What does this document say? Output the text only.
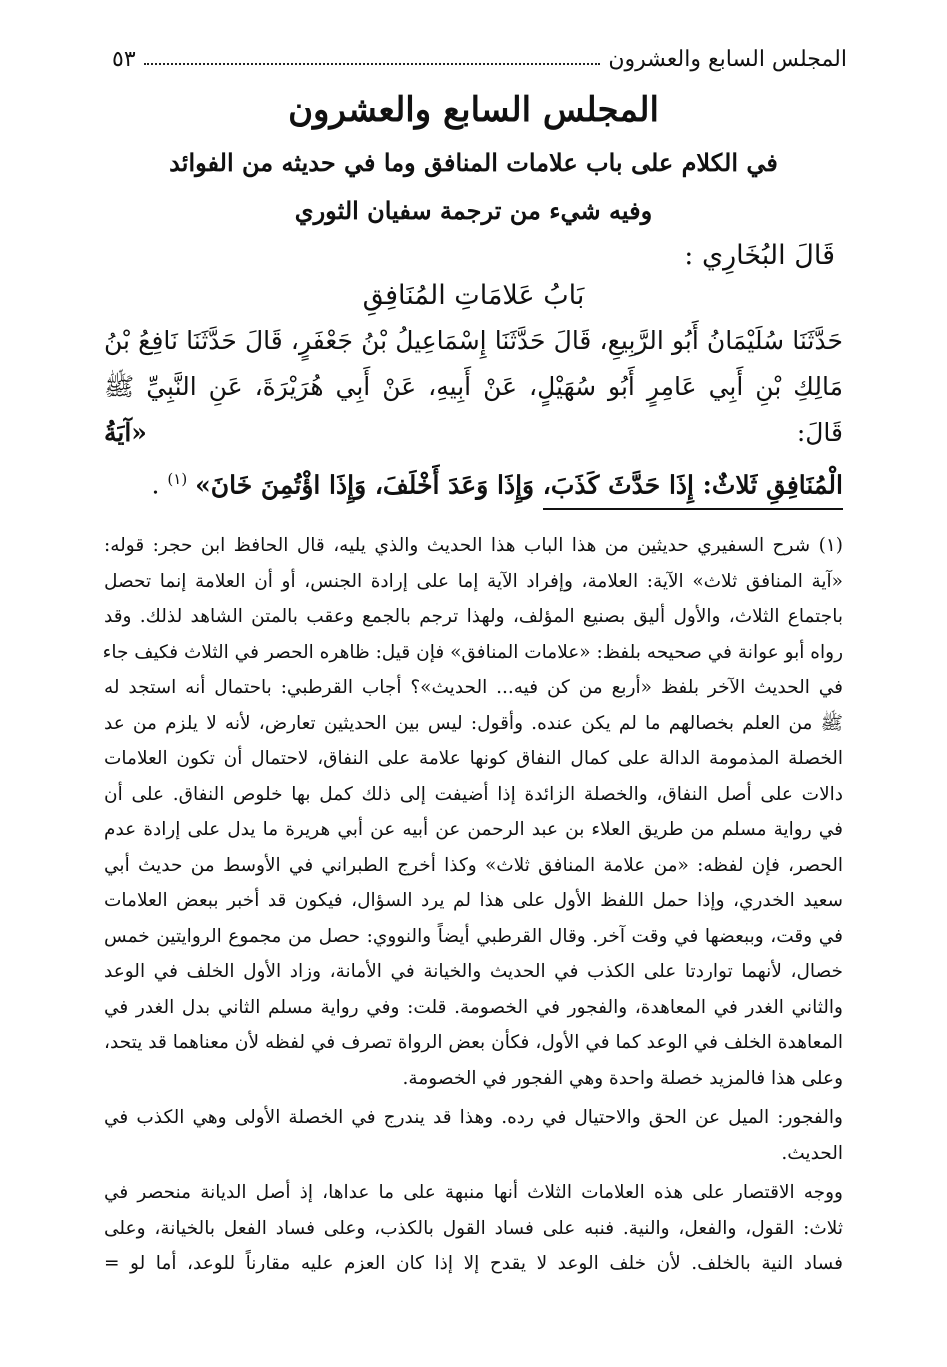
المجلس السابع والعشرون
٥٣
المجلس السابع والعشرون
في الكلام على باب علامات المنافق وما في حديثه من الفوائد
وفيه شيء من ترجمة سفيان الثوري
قَالَ البُخَارِي :
بَابُ عَلامَاتِ المُنَافِقِ
حَدَّثَنَا سُلَيْمَانُ أَبُو الرَّبِيعِ، قَالَ حَدَّثَنَا إِسْمَاعِيلُ بْنُ جَعْفَرٍ، قَالَ حَدَّثَنَا نَافِعُ بْنُ
مَالِكِ بْنِ أَبِي عَامِرٍ أَبُو سُهَيْلٍ، عَنْ أَبِيهِ، عَنْ أَبِي هُرَيْرَةَ، عَنِ النَّبِيِّ ﷺ قَالَ: «آيَةُ
الْمُنَافِقِ ثَلاثٌ: إِذَا حَدَّثَ كَذَبَ، وَإِذَا وَعَدَ أَخْلَفَ، وَإِذَا اؤْتُمِنَ خَانَ» $^{(١)}$ .
(١) شرح السفيري حديثين من هذا الباب هذا الحديث والذي يليه، قال الحافظ ابن حجر: قوله:
«آية المنافق ثلاث» الآية: العلامة، وإفراد الآية إما على إرادة الجنس، أو أن العلامة إنما تحصل
باجتماع الثلاث، والأول أليق بصنيع المؤلف، ولهذا ترجم بالجمع وعقب بالمتن الشاهد لذلك. وقد
رواه أبو عوانة في صحيحه بلفظ: «علامات المنافق» فإن قيل: ظاهره الحصر في الثلاث فكيف جاء
في الحديث الآخر بلفظ «أربع من كن فيه... الحديث»؟ أجاب القرطبي: باحتمال أنه استجد له
ﷺ من العلم بخصالهم ما لم يكن عنده. وأقول: ليس بين الحديثين تعارض، لأنه لا يلزم من عد
الخصلة المذمومة الدالة على كمال النفاق كونها علامة على النفاق، لاحتمال أن تكون العلامات
دالات على أصل النفاق، والخصلة الزائدة إذا أضيفت إلى ذلك كمل بها خلوص النفاق. على أن
في رواية مسلم من طريق العلاء بن عبد الرحمن عن أبيه عن أبي هريرة ما يدل على إرادة عدم
الحصر، فإن لفظه: «من علامة المنافق ثلاث» وكذا أخرج الطبراني في الأوسط من حديث أبي
سعيد الخدري، وإذا حمل اللفظ الأول على هذا لم يرد السؤال، فيكون قد أخبر ببعض العلامات
في وقت، وببعضها في وقت آخر. وقال القرطبي أيضاً والنووي: حصل من مجموع الروايتين خمس
خصال، لأنهما تواردتا على الكذب في الحديث والخيانة في الأمانة، وزاد الأول الخلف في الوعد
والثاني الغدر في المعاهدة، والفجور في الخصومة. قلت: وفي رواية مسلم الثاني بدل الغدر في
المعاهدة الخلف في الوعد كما في الأول، فكأن بعض الرواة تصرف في لفظه لأن معناهما قد يتحد،
وعلى هذا فالمزيد خصلة واحدة وهي الفجور في الخصومة.
والفجور: الميل عن الحق والاحتيال في رده. وهذا قد يندرج في الخصلة الأولى وهي الكذب في
الحديث.
ووجه الاقتصار على هذه العلامات الثلاث أنها منبهة على ما عداها، إذ أصل الديانة منحصر في
ثلاث: القول، والفعل، والنية. فنبه على فساد القول بالكذب، وعلى فساد الفعل بالخيانة، وعلى
فساد النية بالخلف. لأن خلف الوعد لا يقدح إلا إذا كان العزم عليه مقارناً للوعد، أما لو =
